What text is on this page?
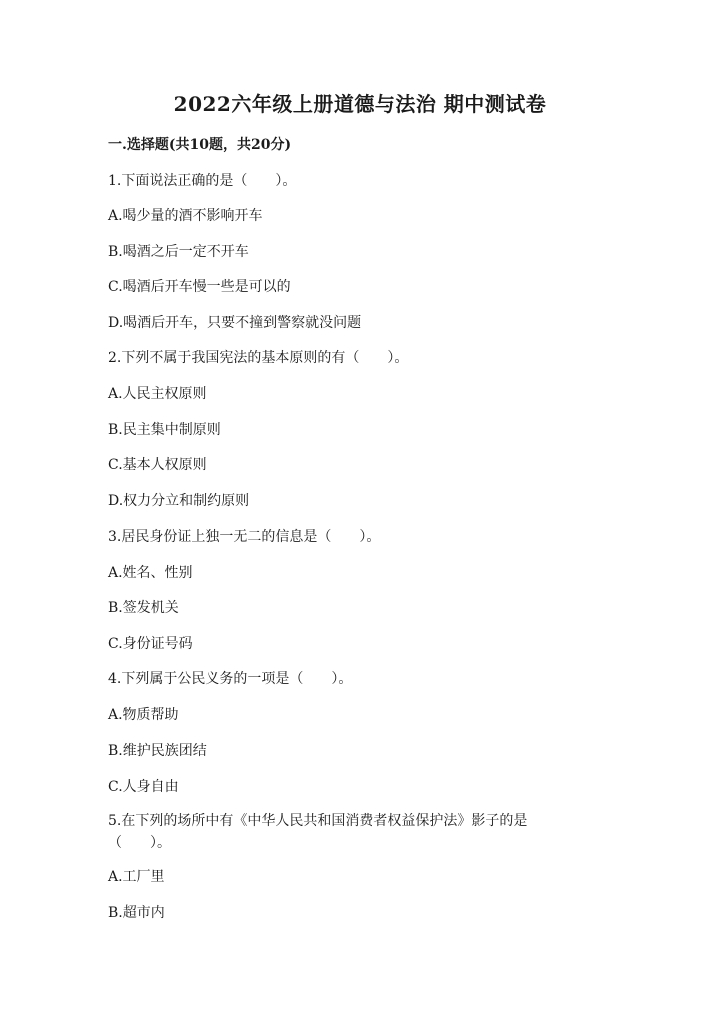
2022六年级上册道德与法治 期中测试卷
一.选择题(共10题，共20分)
1.下面说法正确的是（　　）。
A.喝少量的酒不影响开车
B.喝酒之后一定不开车
C.喝酒后开车慢一些是可以的
D.喝酒后开车，只要不撞到警察就没问题
2.下列不属于我国宪法的基本原则的有（　　）。
A.人民主权原则
B.民主集中制原则
C.基本人权原则
D.权力分立和制约原则
3.居民身份证上独一无二的信息是（　　）。
A.姓名、性别
B.签发机关
C.身份证号码
4.下列属于公民义务的一项是（　　）。
A.物质帮助
B.维护民族团结
C.人身自由
5.在下列的场所中有《中华人民共和国消费者权益保护法》影子的是（　　）。
A.工厂里
B.超市内
